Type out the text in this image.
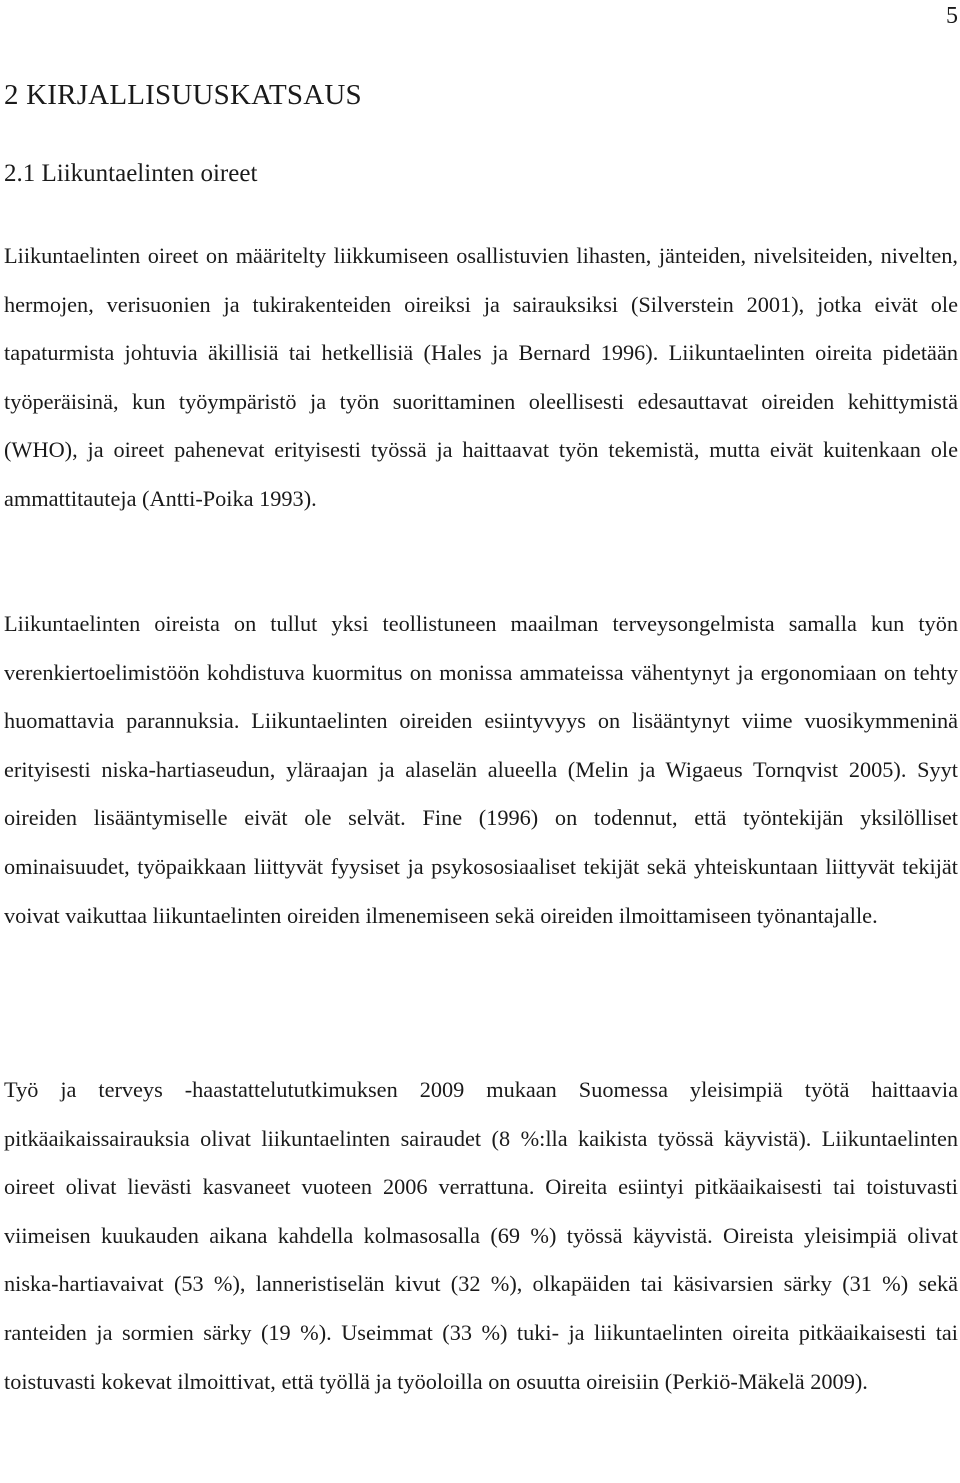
5
2 KIRJALLISUUSKATSAUS
2.1 Liikuntaelinten oireet

Liikuntaelinten oireet on määritelty liikkumiseen osallistuvien lihasten, jänteiden, nivelsiteiden, nivelten, hermojen, verisuonien ja tukirakenteiden oireiksi ja sairauksiksi (Silverstein 2001), jotka eivät ole tapaturmista johtuvia äkillisiä tai hetkellisiä (Hales ja Bernard 1996). Liikuntaelinten oireita pidetään työperäisinä, kun työympäristö ja työn suorittaminen oleellisesti edesauttavat oireiden kehittymistä (WHO), ja oireet pahenevat erityisesti työssä ja haittaavat työn tekemistä, mutta eivät kuitenkaan ole ammattitauteja (Antti-Poika 1993).

Liikuntaelinten oireista on tullut yksi teollistuneen maailman terveysongelmista samalla kun työn verenkiertoelimistöön kohdistuva kuormitus on monissa ammateissa vähentynyt ja ergonomiaan on tehty huomattavia parannuksia. Liikuntaelinten oireiden esiintyvyys on lisääntynyt viime vuosikymmeninä erityisesti niska-hartiaseudun, yläraajan ja alaselän alueella (Melin ja Wigaeus Tornqvist 2005). Syyt oireiden lisääntymiselle eivät ole selvät. Fine (1996) on todennut, että työntekijän yksilölliset ominaisuudet, työpaikkaan liittyvät fyysiset ja psykososiaaliset tekijät sekä yhteiskuntaan liittyvät tekijät voivat vaikuttaa liikuntaelinten oireiden ilmenemiseen sekä oireiden ilmoittamiseen työnantajalle.

Työ ja terveys -haastattelututkimuksen 2009 mukaan Suomessa yleisimpiä työtä haittaavia pitkäaikaissairauksia olivat liikuntaelinten sairaudet (8 %:lla kaikista työssä käyvistä). Liikuntaelinten oireet olivat lievästi kasvaneet vuoteen 2006 verrattuna. Oireita esiintyi pitkäaikaisesti tai toistuvasti viimeisen kuukauden aikana kahdella kolmasosalla (69 %) työssä käyvistä. Oireista yleisimpiä olivat niska-hartiavaivat (53 %), lanneristiselän kivut (32 %), olkapäiden tai käsivarsien särky (31 %) sekä ranteiden ja sormien särky (19 %). Useimmat (33 %) tuki- ja liikuntaelinten oireita pitkäaikaisesti tai toistuvasti kokevat ilmoittivat, että työllä ja työoloilla on osuutta oireisiin (Perkiö-Mäkelä 2009).
